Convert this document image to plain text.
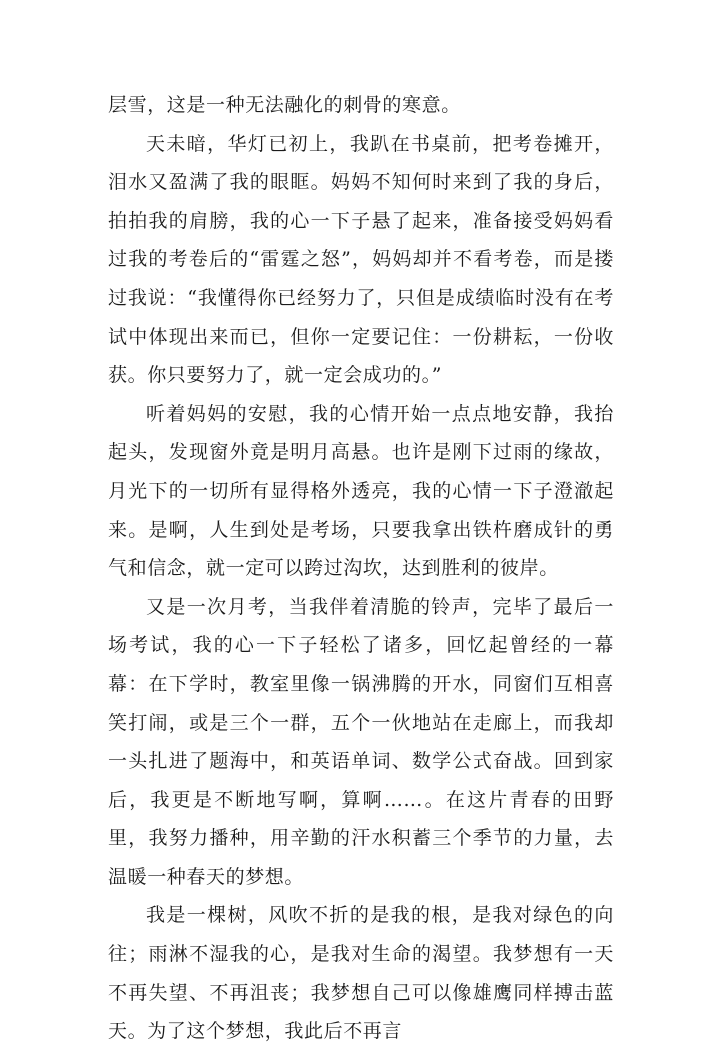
层雪，这是一种无法融化的刺骨的寒意。

天未暗，华灯已初上，我趴在书桌前，把考卷摊开，泪水又盈满了我的眼眶。妈妈不知何时来到了我的身后，拍拍我的肩膀，我的心一下子悬了起来，准备接受妈妈看过我的考卷后的“雷霆之怒”，妈妈却并不看考卷，而是搂过我说：“我懂得你已经努力了，只但是成绩临时没有在考试中体现出来而已，但你一定要记住：一份耕耘，一份收获。你只要努力了，就一定会成功的。”

听着妈妈的安慰，我的心情开始一点点地安静，我抬起头，发现窗外竟是明月高悬。也许是刚下过雨的缘故，月光下的一切所有显得格外透亮，我的心情一下子澄澈起来。是啊，人生到处是考场，只要我拿出铁杵磨成针的勇气和信念，就一定可以跨过沟坎，达到胜利的彼岸。

又是一次月考，当我伴着清脆的铃声，完毕了最后一场考试，我的心一下子轻松了诸多，回忆起曾经的一幕幕：在下学时，教室里像一锅沸腾的开水，同窗们互相喜笑打闹，或是三个一群，五个一伙地站在走廊上，而我却一头扎进了题海中，和英语单词、数学公式奋战。回到家后，我更是不断地写啊，算啊……。在这片青春的田野里，我努力播种，用辛勤的汗水积蓄三个季节的力量，去温暖一种春天的梦想。

我是一棵树，风吹不折的是我的根，是我对绿色的向往；雨淋不湿我的心，是我对生命的渴望。我梦想有一天不再失望、不再沮丧；我梦想自己可以像雄鹰同样搏击蓝天。为了这个梦想，我此后不再言
